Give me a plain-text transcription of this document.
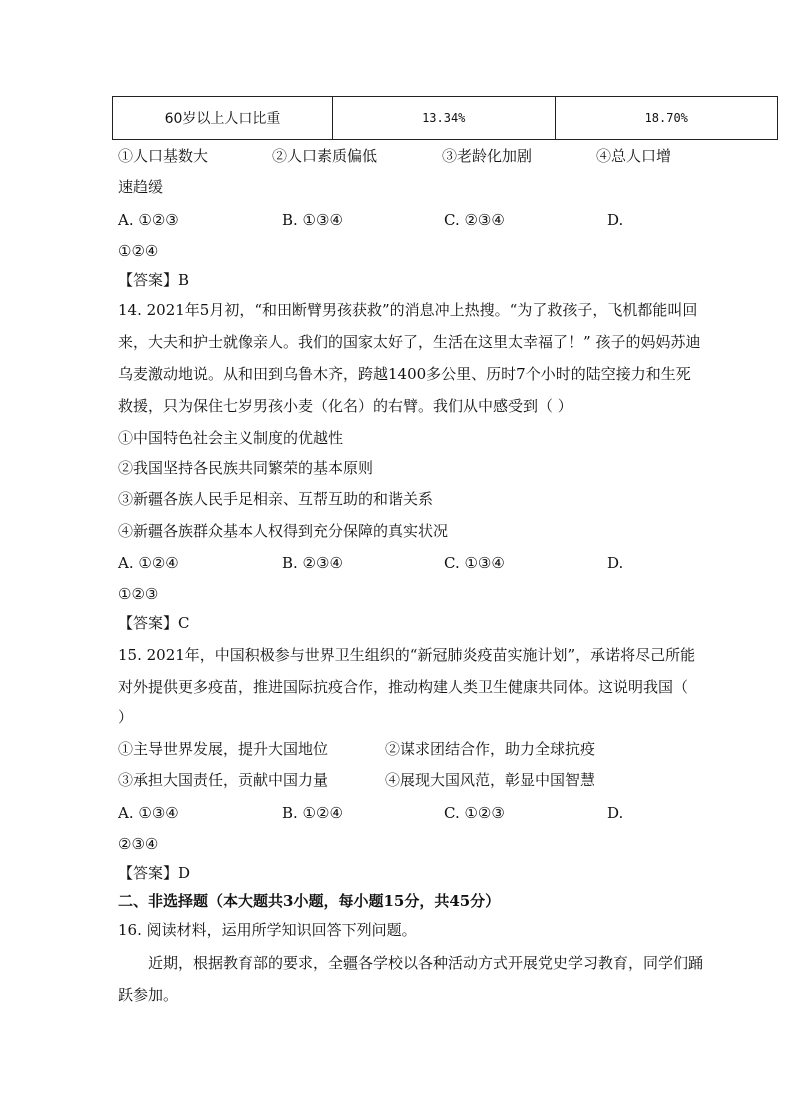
60岁以上人口比重	13.34%	18.70%
①人口基数大	②人口素质偏低	③老龄化加剧	④总人口增
速趋缓
A. ①②③	B. ①③④	C. ②③④	D.
①②④
【答案】B
14. 2021年5月初，“和田断臂男孩获救”的消息冲上热搜。“为了救孩子，飞机都能叫回
来，大夫和护士就像亲人。我们的国家太好了，生活在这里太幸福了！” 孩子的妈妈苏迪
乌麦激动地说。从和田到乌鲁木齐，跨越1400多公里、历时7个小时的陆空接力和生死
救援，只为保住七岁男孩小麦（化名）的右臂。我们从中感受到（ ）
①中国特色社会主义制度的优越性
②我国坚持各民族共同繁荣的基本原则
③新疆各族人民手足相亲、互帮互助的和谐关系
④新疆各族群众基本人权得到充分保障的真实状况
A. ①②④	B. ②③④	C. ①③④	D.
①②③
【答案】C
15. 2021年，中国积极参与世界卫生组织的“新冠肺炎疫苗实施计划”，承诺将尽己所能
对外提供更多疫苗，推进国际抗疫合作，推动构建人类卫生健康共同体。这说明我国（
）
①主导世界发展，提升大国地位	②谋求团结合作，助力全球抗疫
③承担大国责任，贡献中国力量	④展现大国风范，彰显中国智慧
A. ①③④	B. ①②④	C. ①②③	D.
②③④
【答案】D
二、非选择题（本大题共3小题，每小题15分，共45分）
16. 阅读材料，运用所学知识回答下列问题。
近期，根据教育部的要求，全疆各学校以各种活动方式开展党史学习教育，同学们踊
跃参加。
